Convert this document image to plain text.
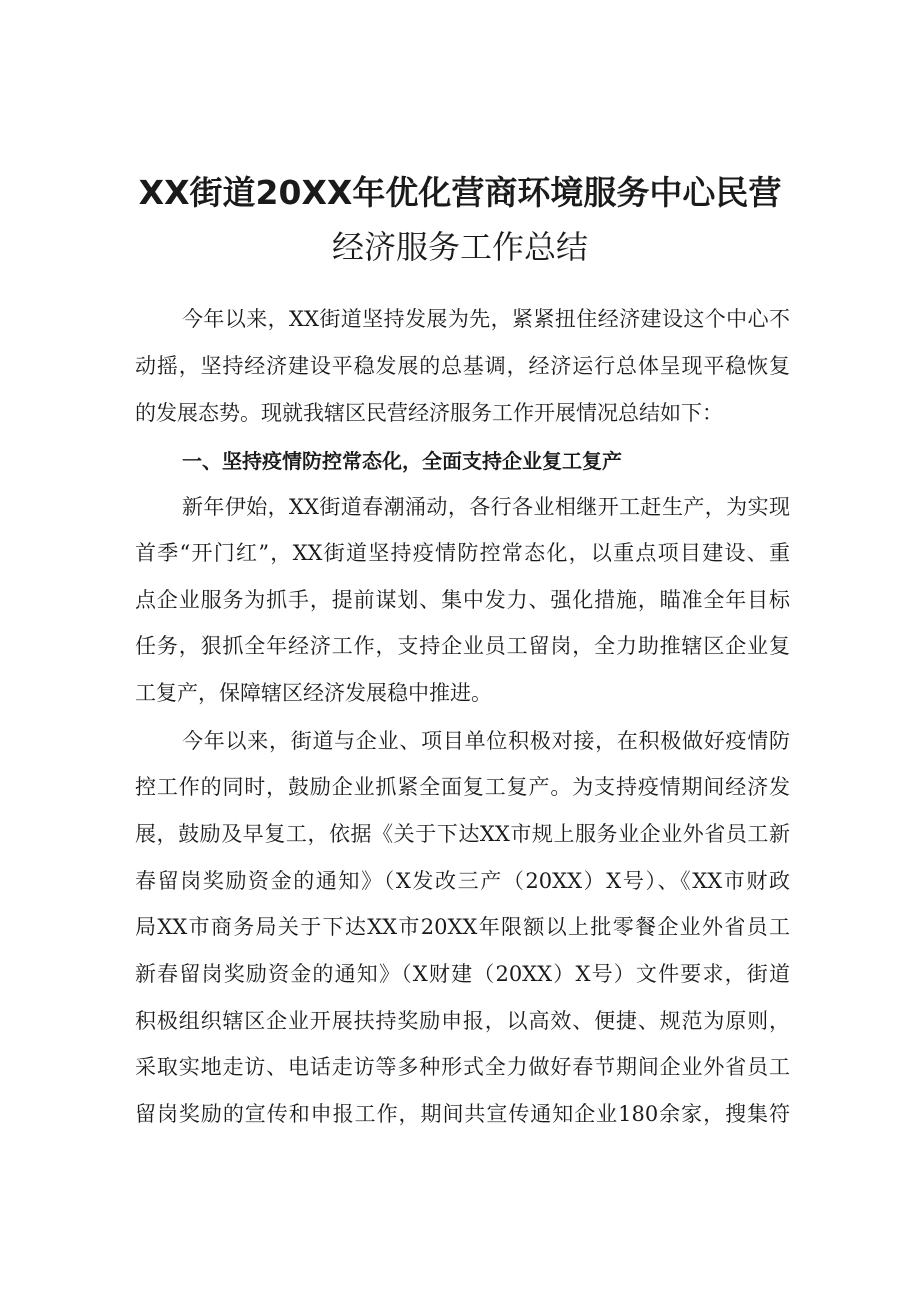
XX街道20XX年优化营商环境服务中心民营
经济服务工作总结
今年以来，XX街道坚持发展为先，紧紧扭住经济建设这个中心不
动摇，坚持经济建设平稳发展的总基调，经济运行总体呈现平稳恢复
的发展态势。现就我辖区民营经济服务工作开展情况总结如下：
一、坚持疫情防控常态化，全面支持企业复工复产
新年伊始，XX街道春潮涌动，各行各业相继开工赶生产，为实现
首季“开门红”，XX街道坚持疫情防控常态化，以重点项目建设、重
点企业服务为抓手，提前谋划、集中发力、强化措施，瞄准全年目标
任务，狠抓全年经济工作，支持企业员工留岗，全力助推辖区企业复
工复产，保障辖区经济发展稳中推进。
今年以来，街道与企业、项目单位积极对接，在积极做好疫情防
控工作的同时，鼓励企业抓紧全面复工复产。为支持疫情期间经济发
展，鼓励及早复工，依据《关于下达XX市规上服务业企业外省员工新
春留岗奖励资金的通知》（X发改三产（20XX）X号）、《XX市财政
局XX市商务局关于下达XX市20XX年限额以上批零餐企业外省员工
新春留岗奖励资金的通知》（X财建（20XX）X号）文件要求，街道
积极组织辖区企业开展扶持奖励申报，以高效、便捷、规范为原则，
采取实地走访、电话走访等多种形式全力做好春节期间企业外省员工
留岗奖励的宣传和申报工作，期间共宣传通知企业180余家，搜集符
